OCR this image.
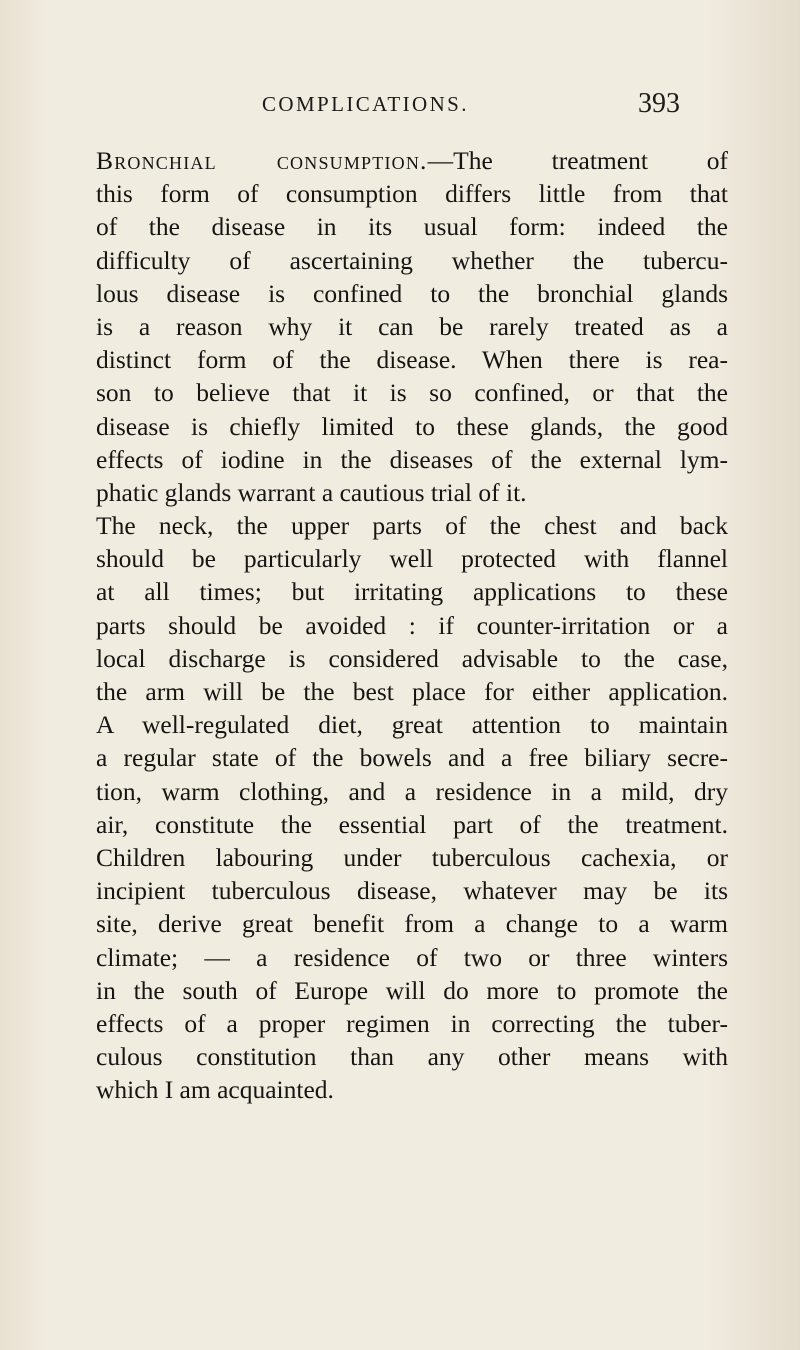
COMPLICATIONS.	393
Bronchial consumption.—The treatment of
this form of consumption differs little from that
of the disease in its usual form: indeed the
difficulty of ascertaining whether the tubercu-
lous disease is confined to the bronchial glands
is a reason why it can be rarely treated as a
distinct form of the disease. When there is rea-
son to believe that it is so confined, or that the
disease is chiefly limited to these glands, the good
effects of iodine in the diseases of the external lym-
phatic glands warrant a cautious trial of it.
The neck, the upper parts of the chest and back
should be particularly well protected with flannel
at all times; but irritating applications to these
parts should be avoided : if counter-irritation or a
local discharge is considered advisable to the case,
the arm will be the best place for either application.
A well-regulated diet, great attention to maintain
a regular state of the bowels and a free biliary secre-
tion, warm clothing, and a residence in a mild, dry
air, constitute the essential part of the treatment.
Children labouring under tuberculous cachexia, or
incipient tuberculous disease, whatever may be its
site, derive great benefit from a change to a warm
climate; — a residence of two or three winters
in the south of Europe will do more to promote the
effects of a proper regimen in correcting the tuber-
culous constitution than any other means with
which I am acquainted.
